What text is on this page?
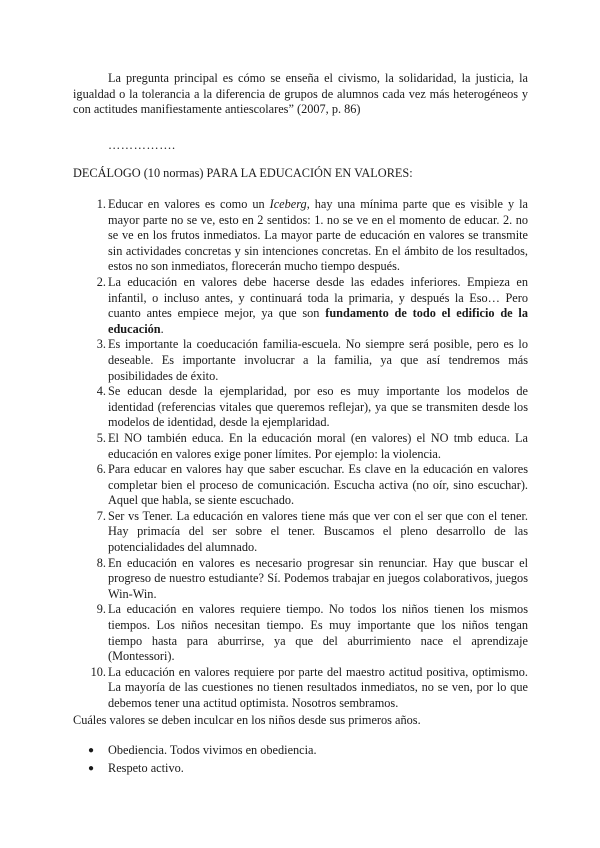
La pregunta principal es cómo se enseña el civismo, la solidaridad, la justicia, la igualdad o la tolerancia a la diferencia de grupos de alumnos cada vez más heterogéneos y con actitudes manifiestamente antiescolares” (2007, p. 86)

…………….

DECÁLOGO (10 normas) PARA LA EDUCACIÓN EN VALORES:
1. Educar en valores es como un Iceberg, hay una mínima parte que es visible y la mayor parte no se ve, esto en 2 sentidos: 1. no se ve en el momento de educar. 2. no se ve en los frutos inmediatos. La mayor parte de educación en valores se transmite sin actividades concretas y sin intenciones concretas. En el ámbito de los resultados, estos no son inmediatos, florecerán mucho tiempo después.
2. La educación en valores debe hacerse desde las edades inferiores. Empieza en infantil, o incluso antes, y continuará toda la primaria, y después la Eso… Pero cuanto antes empiece mejor, ya que son fundamento de todo el edificio de la educación.
3. Es importante la coeducación familia-escuela. No siempre será posible, pero es lo deseable. Es importante involucrar a la familia, ya que así tendremos más posibilidades de éxito.
4. Se educan desde la ejemplaridad, por eso es muy importante los modelos de identidad (referencias vitales que queremos reflejar), ya que se transmiten desde los modelos de identidad, desde la ejemplaridad.
5. El NO también educa. En la educación moral (en valores) el NO tmb educa. La educación en valores exige poner límites. Por ejemplo: la violencia.
6. Para educar en valores hay que saber escuchar. Es clave en la educación en valores completar bien el proceso de comunicación. Escucha activa (no oír, sino escuchar). Aquel que habla, se siente escuchado.
7. Ser vs Tener. La educación en valores tiene más que ver con el ser que con el tener. Hay primacía del ser sobre el tener. Buscamos el pleno desarrollo de las potencialidades del alumnado.
8. En educación en valores es necesario progresar sin renunciar. Hay que buscar el progreso de nuestro estudiante? Sí. Podemos trabajar en juegos colaborativos, juegos Win-Win.
9. La educación en valores requiere tiempo. No todos los niños tienen los mismos tiempos. Los niños necesitan tiempo. Es muy importante que los niños tengan tiempo hasta para aburrirse, ya que del aburrimiento nace el aprendizaje (Montessori).
10. La educación en valores requiere por parte del maestro actitud positiva, optimismo. La mayoría de las cuestiones no tienen resultados inmediatos, no se ven, por lo que debemos tener una actitud optimista. Nosotros sembramos.

Cuáles valores se deben inculcar en los niños desde sus primeros años.

●	Obediencia. Todos vivimos en obediencia.
●	Respeto activo.
